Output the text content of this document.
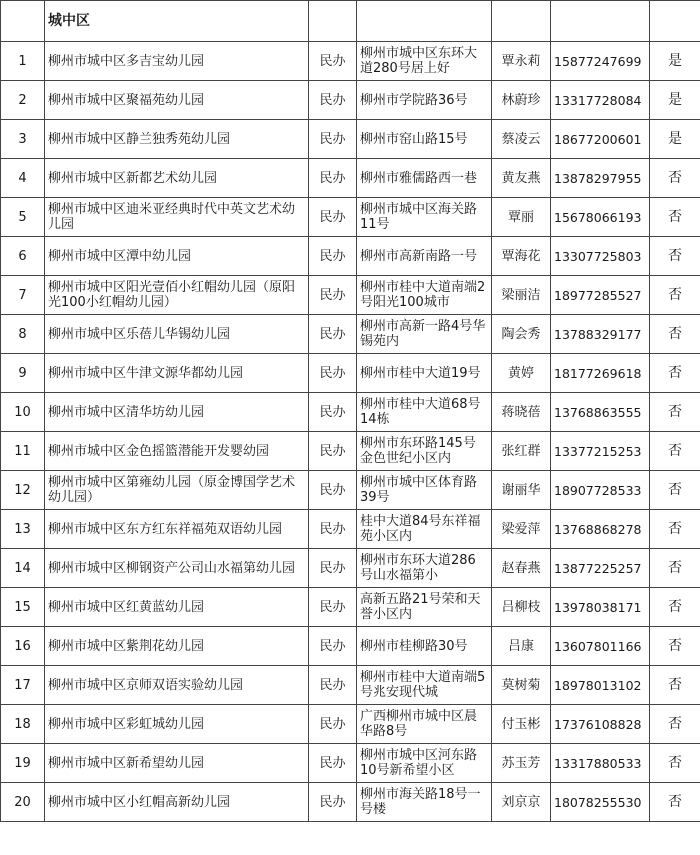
	城中区					
1	柳州市城中区多吉宝幼儿园	民办	柳州市城中区东环大道280号居上好	覃永莉	15877247699	是
2	柳州市城中区聚福苑幼儿园	民办	柳州市学院路36号	林蔚珍	13317728084	是
3	柳州市城中区静兰独秀苑幼儿园	民办	柳州市窑山路15号	蔡凌云	18677200601	是
4	柳州市城中区新都艺术幼儿园	民办	柳州市雅儒路西一巷	黄友燕	13878297955	否
5	柳州市城中区迪米亚经典时代中英文艺术幼儿园	民办	柳州市城中区海关路11号	覃丽	15678066193	否
6	柳州市城中区潭中幼儿园	民办	柳州市高新南路一号	覃海花	13307725803	否
7	柳州市城中区阳光壹佰小红帽幼儿园（原阳光100小红帽幼儿园）	民办	柳州市桂中大道南端2号阳光100城市	梁丽洁	18977285527	否
8	柳州市城中区乐蓓儿华锡幼儿园	民办	柳州市高新一路4号华锡苑内	陶会秀	13788329177	否
9	柳州市城中区牛津文源华都幼儿园	民办	柳州市桂中大道19号	黄婷	18177269618	否
10	柳州市城中区清华坊幼儿园	民办	柳州市桂中大道68号14栋	蒋晓蓓	13768863555	否
11	柳州市城中区金色摇篮潜能开发婴幼园	民办	柳州市东环路145号金色世纪小区内	张红群	13377215253	否
12	柳州市城中区第雍幼儿园（原金博国学艺术幼儿园）	民办	柳州市城中区体育路39号	谢丽华	18907728533	否
13	柳州市城中区东方红东祥福苑双语幼儿园	民办	桂中大道84号东祥福苑小区内	梁爱萍	13768868278	否
14	柳州市城中区柳钢资产公司山水福第幼儿园	民办	柳州市东环大道286号山水福第小	赵春燕	13877225257	否
15	柳州市城中区红黄蓝幼儿园	民办	高新五路21号荣和天誉小区内	吕柳枝	13978038171	否
16	柳州市城中区紫荆花幼儿园	民办	柳州市桂柳路30号	吕康	13607801166	否
17	柳州市城中区京师双语实验幼儿园	民办	柳州市桂中大道南端5号兆安现代城	莫树菊	18978013102	否
18	柳州市城中区彩虹城幼儿园	民办	广西柳州市城中区晨华路8号	付玉彬	17376108828	否
19	柳州市城中区新希望幼儿园	民办	柳州市城中区河东路10号新希望小区	苏玉芳	13317880533	否
20	柳州市城中区小红帽高新幼儿园	民办	柳州市海关路18号一号楼	刘京京	18078255530	否
